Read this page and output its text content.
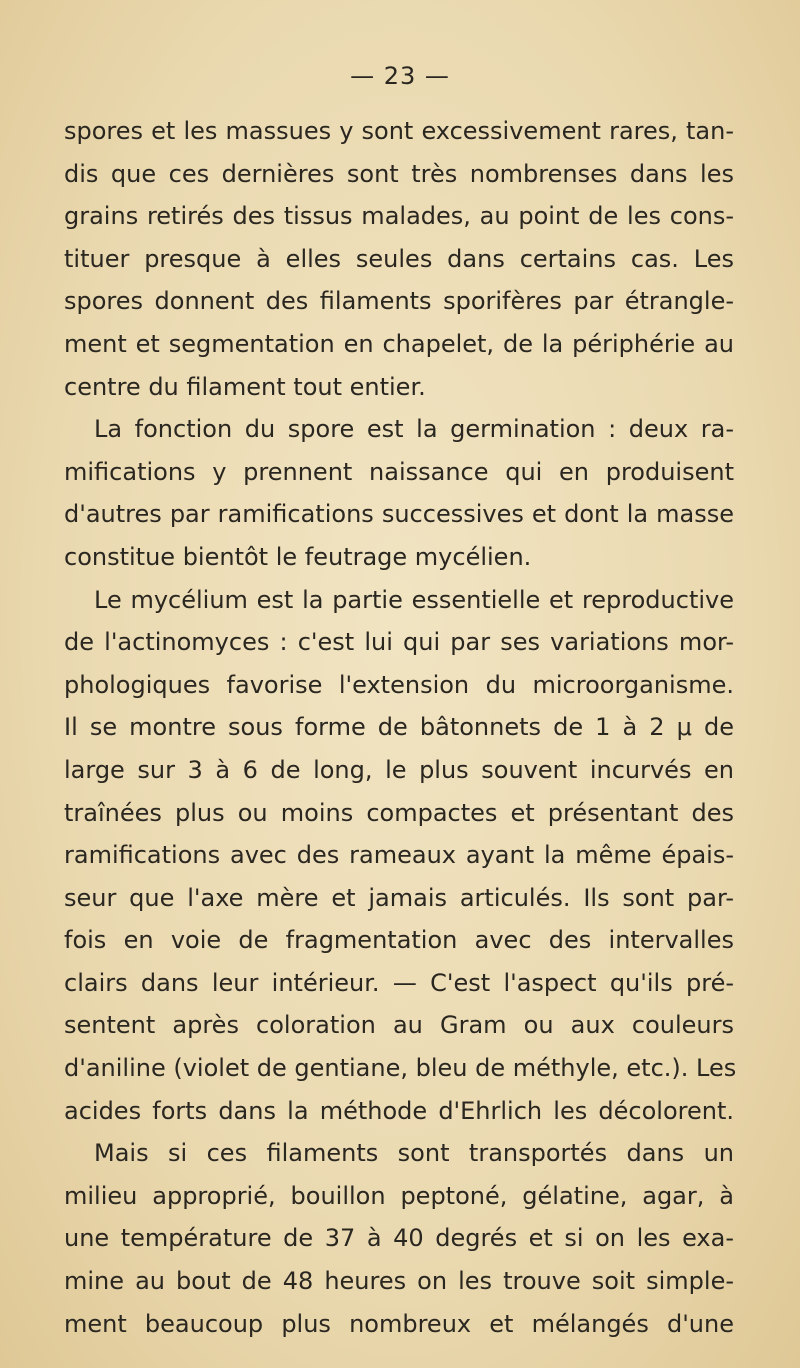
— 23 —
spores et les massues y sont excessivement rares, tan-
dis que ces dernières sont très nombrenses dans les
grains retirés des tissus malades, au point de les cons-
tituer presque à elles seules dans certains cas. Les
spores donnent des filaments sporifères par étrangle-
ment et segmentation en chapelet, de la périphérie au
centre du filament tout entier.
La fonction du spore est la germination : deux ra-
mifications y prennent naissance qui en produisent
d'autres par ramifications successives et dont la masse
constitue bientôt le feutrage mycélien.
Le mycélium est la partie essentielle et reproductive
de l'actinomyces : c'est lui qui par ses variations mor-
phologiques favorise l'extension du microorganisme.
Il se montre sous forme de bâtonnets de 1 à 2 μ de
large sur 3 à 6 de long, le plus souvent incurvés en
traînées plus ou moins compactes et présentant des
ramifications avec des rameaux ayant la même épais-
seur que l'axe mère et jamais articulés. Ils sont par-
fois en voie de fragmentation avec des intervalles
clairs dans leur intérieur. — C'est l'aspect qu'ils pré-
sentent après coloration au Gram ou aux couleurs
d'aniline (violet de gentiane, bleu de méthyle, etc.). Les
acides forts dans la méthode d'Ehrlich les décolorent.
Mais si ces filaments sont transportés dans un
milieu approprié, bouillon peptoné, gélatine, agar, à
une température de 37 à 40 degrés et si on les exa-
mine au bout de 48 heures on les trouve soit simple-
ment beaucoup plus nombreux et mélangés d'une
